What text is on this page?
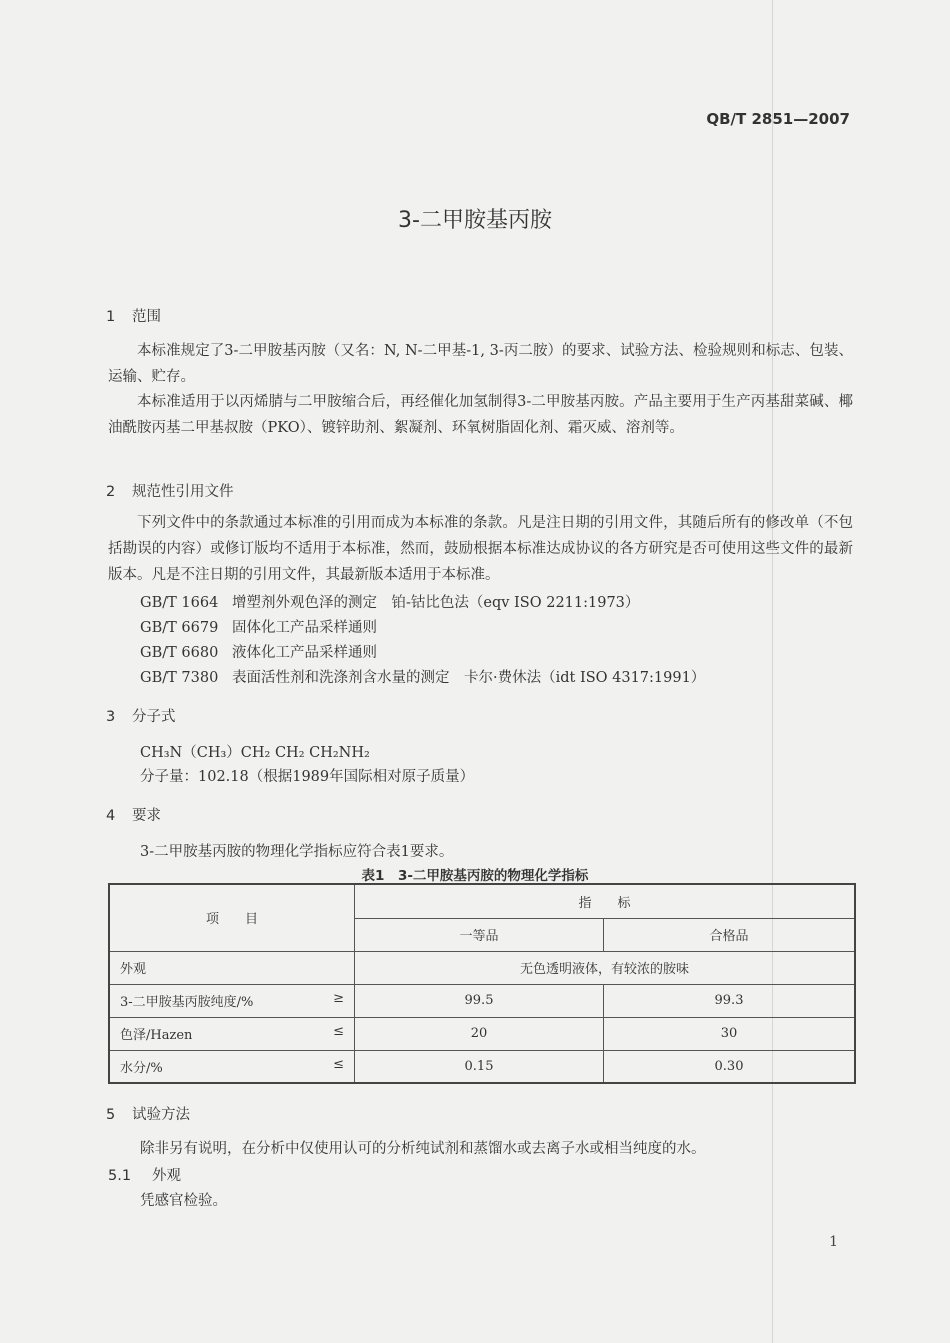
QB/T 2851—2007
3-二甲胺基丙胺
1 范围
本标准规定了3-二甲胺基丙胺（又名：N, N-二甲基-1, 3-丙二胺）的要求、试验方法、检验规则和标志、包装、运输、贮存。
本标准适用于以丙烯腈与二甲胺缩合后，再经催化加氢制得3-二甲胺基丙胺。产品主要用于生产丙基甜菜碱、椰油酰胺丙基二甲基叔胺（PKO）、镀锌助剂、絮凝剂、环氧树脂固化剂、霜灭威、溶剂等。
2 规范性引用文件
下列文件中的条款通过本标准的引用而成为本标准的条款。凡是注日期的引用文件，其随后所有的修改单（不包括勘误的内容）或修订版均不适用于本标准，然而，鼓励根据本标准达成协议的各方研究是否可使用这些文件的最新版本。凡是不注日期的引用文件，其最新版本适用于本标准。
GB/T 1664 增塑剂外观色泽的测定　铂-钴比色法（eqv ISO 2211:1973）
GB/T 6679 固体化工产品采样通则
GB/T 6680 液体化工产品采样通则
GB/T 7380 表面活性剂和洗涤剂含水量的测定　卡尔·费休法（idt ISO 4317:1991）
3 分子式
CH₃N（CH₃）CH₂ CH₂ CH₂NH₂
分子量：102.18（根据1989年国际相对原子质量）
4 要求
3-二甲胺基丙胺的物理化学指标应符合表1要求。
表1　3-二甲胺基丙胺的物理化学指标
项　　目	指　　标	
	一等品	合格品
外观	无色透明液体，有较浓的胺味	
3-二甲胺基丙胺纯度/% ≥	99.5	99.3
色泽/Hazen ≤	20	30
水分/% ≤	0.15	0.30
5 试验方法
除非另有说明，在分析中仅使用认可的分析纯试剂和蒸馏水或去离子水或相当纯度的水。
5.1 外观
凭感官检验。
1
